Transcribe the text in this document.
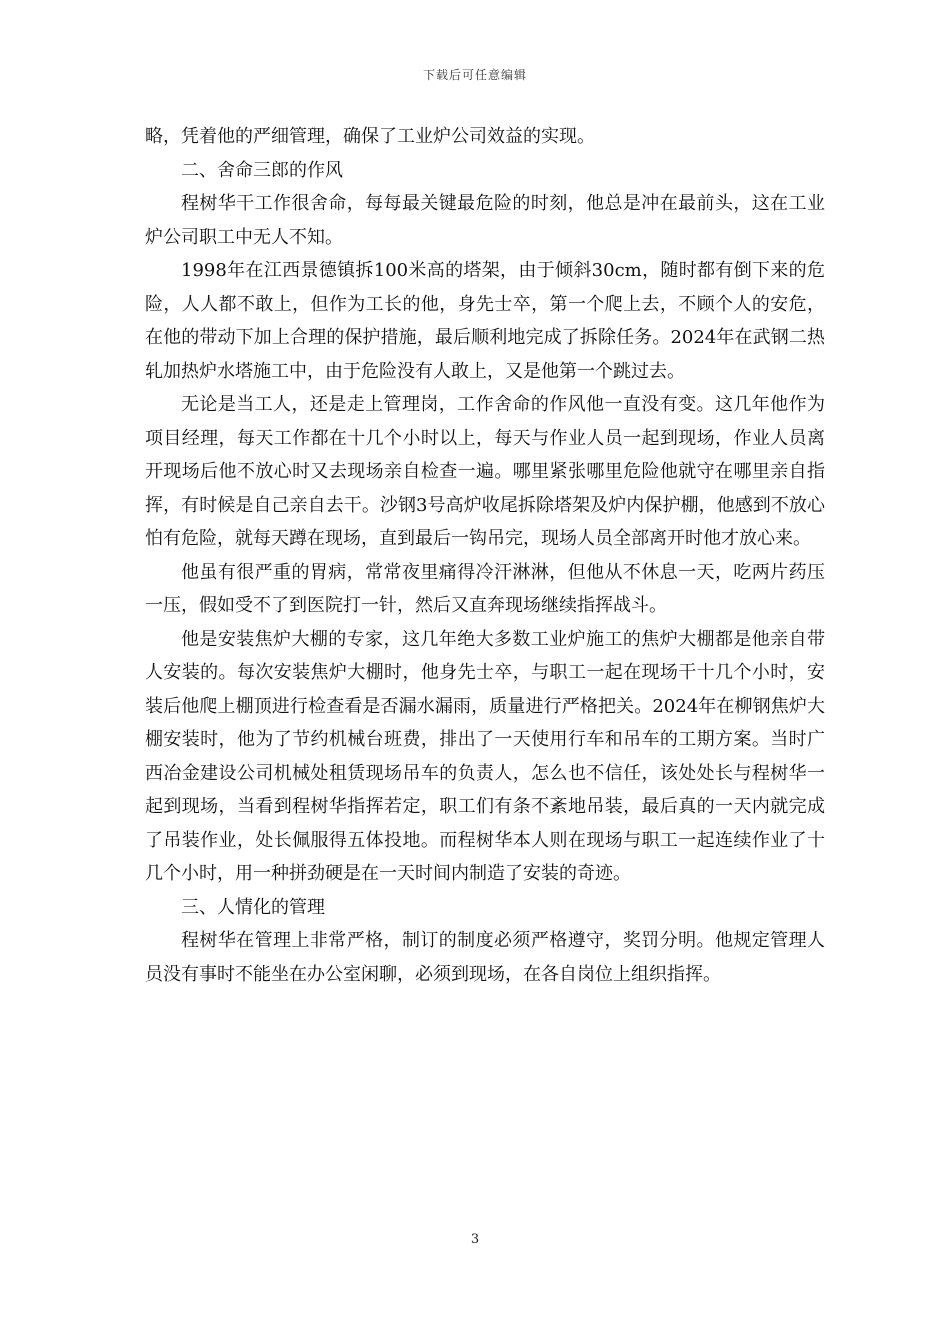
下载后可任意编辑

略，凭着他的严细管理，确保了工业炉公司效益的实现。

二、舍命三郎的作风

程树华干工作很舍命，每每最关键最危险的时刻，他总是冲在最前头，这在工业炉公司职工中无人不知。

1998年在江西景德镇拆100米高的塔架，由于倾斜30cm，随时都有倒下来的危险，人人都不敢上，但作为工长的他，身先士卒，第一个爬上去，不顾个人的安危，在他的带动下加上合理的保护措施，最后顺利地完成了拆除任务。2024年在武钢二热轧加热炉水塔施工中，由于危险没有人敢上，又是他第一个跳过去。

无论是当工人，还是走上管理岗，工作舍命的作风他一直没有变。这几年他作为项目经理，每天工作都在十几个小时以上，每天与作业人员一起到现场，作业人员离开现场后他不放心时又去现场亲自检查一遍。哪里紧张哪里危险他就守在哪里亲自指挥，有时候是自己亲自去干。沙钢3号高炉收尾拆除塔架及炉内保护棚，他感到不放心怕有危险，就每天蹲在现场，直到最后一钩吊完，现场人员全部离开时他才放心来。

他虽有很严重的胃病，常常夜里痛得冷汗淋淋，但他从不休息一天，吃两片药压一压，假如受不了到医院打一针，然后又直奔现场继续指挥战斗。

他是安装焦炉大棚的专家，这几年绝大多数工业炉施工的焦炉大棚都是他亲自带人安装的。每次安装焦炉大棚时，他身先士卒，与职工一起在现场干十几个小时，安装后他爬上棚顶进行检查看是否漏水漏雨，质量进行严格把关。2024年在柳钢焦炉大棚安装时，他为了节约机械台班费，排出了一天使用行车和吊车的工期方案。当时广西冶金建设公司机械处租赁现场吊车的负责人，怎么也不信任，该处处长与程树华一起到现场，当看到程树华指挥若定，职工们有条不紊地吊装，最后真的一天内就完成了吊装作业，处长佩服得五体投地。而程树华本人则在现场与职工一起连续作业了十几个小时，用一种拼劲硬是在一天时间内制造了安装的奇迹。

三、人情化的管理

程树华在管理上非常严格，制订的制度必须严格遵守，奖罚分明。他规定管理人员没有事时不能坐在办公室闲聊，必须到现场，在各自岗位上组织指挥。

3
